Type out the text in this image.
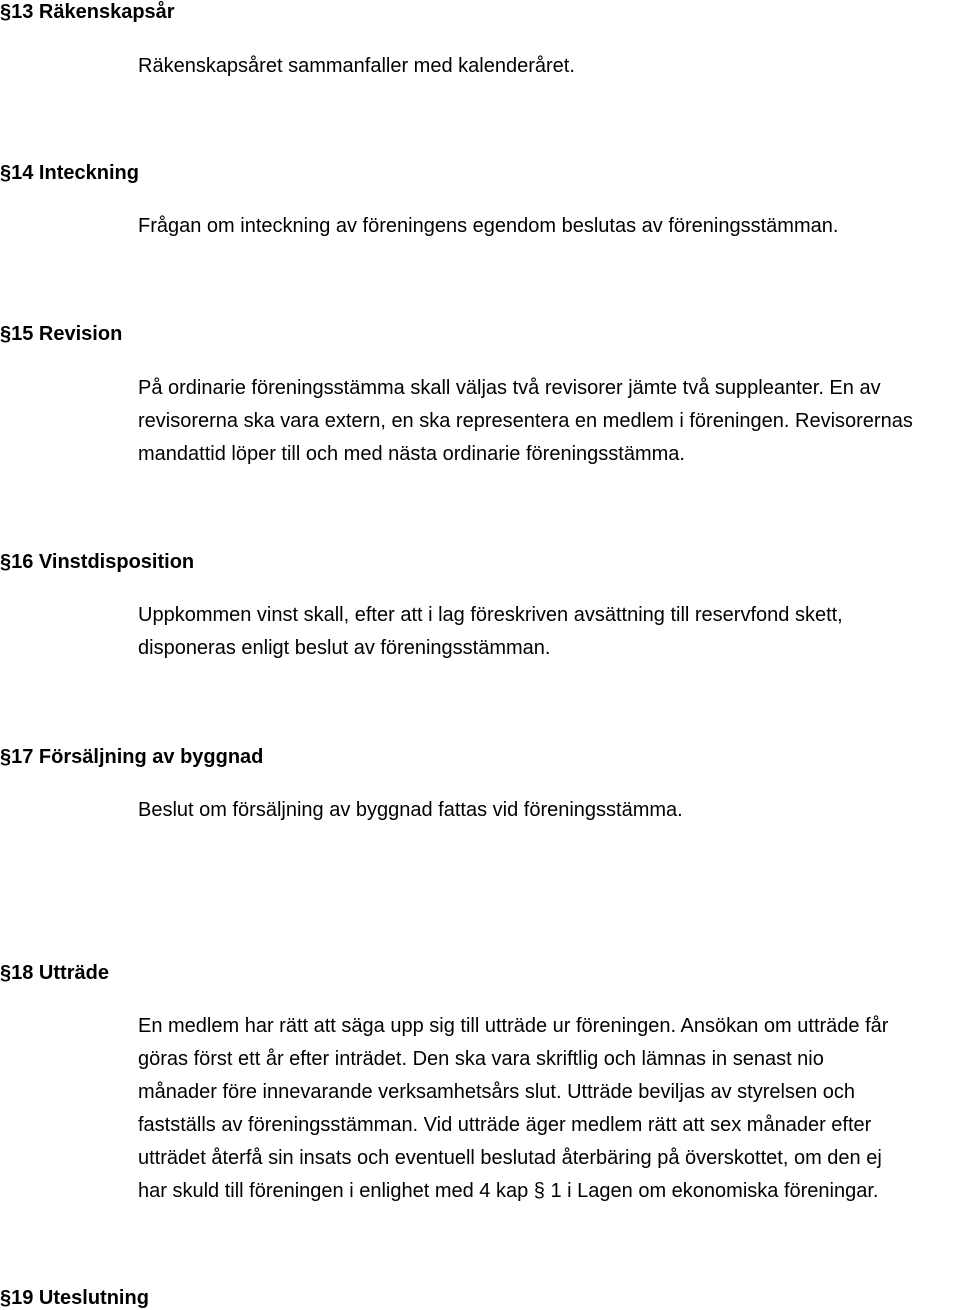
§13 Räkenskapsår
Räkenskapsåret sammanfaller med kalenderåret.
§14 Inteckning
Frågan om inteckning av föreningens egendom beslutas av föreningsstämman.
§15 Revision
På ordinarie föreningsstämma skall väljas två revisorer jämte två suppleanter. En av
revisorerna ska vara extern, en ska representera en medlem i föreningen. Revisorernas
mandattid löper till och med nästa ordinarie föreningsstämma.
§16 Vinstdisposition
Uppkommen vinst skall, efter att i lag föreskriven avsättning till reservfond skett,
disponeras enligt beslut av föreningsstämman.
§17 Försäljning av byggnad
Beslut om försäljning av byggnad fattas vid föreningsstämma.
§18 Utträde
En medlem har rätt att säga upp sig till utträde ur föreningen. Ansökan om utträde får
göras först ett år efter inträdet. Den ska vara skriftlig och lämnas in senast nio
månader före innevarande verksamhetsårs slut. Utträde beviljas av styrelsen och
fastställs av föreningsstämman. Vid utträde äger medlem rätt att sex månader efter
utträdet återfå sin insats och eventuell beslutad återbäring på överskottet, om den ej
har skuld till föreningen i enlighet med 4 kap § 1 i Lagen om ekonomiska föreningar.
§19 Uteslutning
